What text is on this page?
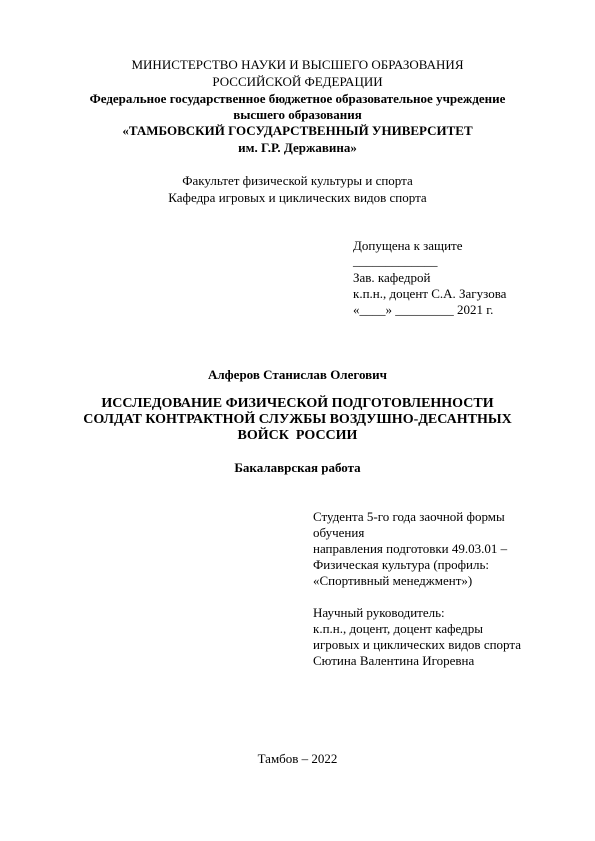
МИНИСТЕРСТВО НАУКИ И ВЫСШЕГО ОБРАЗОВАНИЯ
РОССИЙСКОЙ ФЕДЕРАЦИИ
Федеральное государственное бюджетное образовательное учреждение
высшего образования
«ТАМБОВСКИЙ ГОСУДАРСТВЕННЫЙ УНИВЕРСИТЕТ
им. Г.Р. Державина»
Факультет физической культуры и спорта
Кафедра игровых и циклических видов спорта
Допущена к защите
_____________
Зав. кафедрой
к.п.н., доцент С.А. Загузова
«____» _________ 2021 г.
Алферов Станислав Олегович
ИССЛЕДОВАНИЕ ФИЗИЧЕСКОЙ ПОДГОТОВЛЕННОСТИ
СОЛДАТ КОНТРАКТНОЙ СЛУЖБЫ ВОЗДУШНО-ДЕСАНТНЫХ
ВОЙСК  РОССИИ
Бакалаврская работа
Студента 5-го года заочной формы
обучения
направления подготовки 49.03.01 –
Физическая культура (профиль:
«Спортивный менеджмент»)
Научный руководитель:
к.п.н., доцент, доцент кафедры
игровых и циклических видов спорта
Сютина Валентина Игоревна
Тамбов – 2022
